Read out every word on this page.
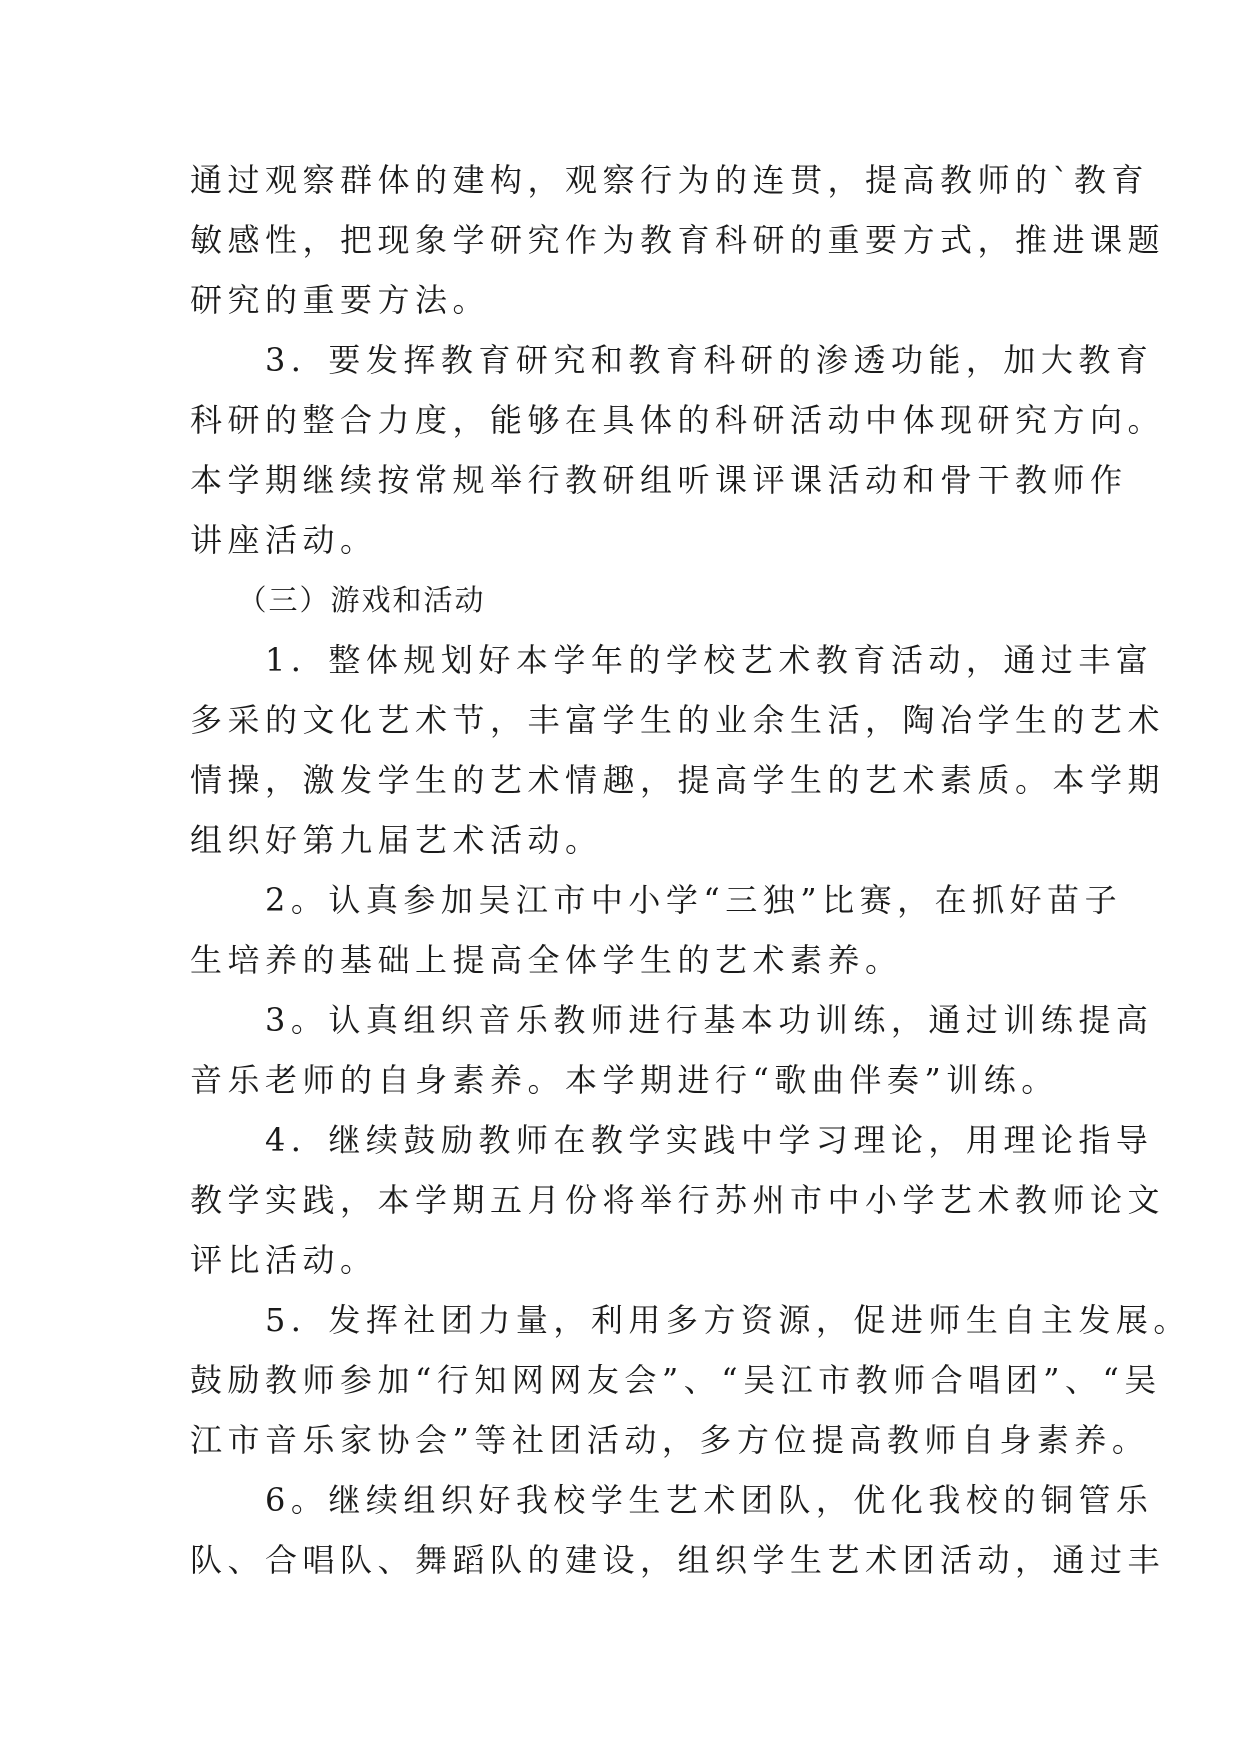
通过观察群体的建构，观察行为的连贯，提高教师的`教育

敏感性，把现象学研究作为教育科研的重要方式，推进课题

研究的重要方法。

　　3．要发挥教育研究和教育科研的渗透功能，加大教育

科研的整合力度，能够在具体的科研活动中体现研究方向。

本学期继续按常规举行教研组听课评课活动和骨干教师作

讲座活动。

　　（三）游戏和活动

　　1．整体规划好本学年的学校艺术教育活动，通过丰富

多采的文化艺术节，丰富学生的业余生活，陶冶学生的艺术

情操，激发学生的艺术情趣，提高学生的艺术素质。本学期

组织好第九届艺术活动。

　　2。认真参加吴江市中小学“三独”比赛，在抓好苗子

生培养的基础上提高全体学生的艺术素养。

　　3。认真组织音乐教师进行基本功训练，通过训练提高

音乐老师的自身素养。本学期进行“歌曲伴奏”训练。

　　4．继续鼓励教师在教学实践中学习理论，用理论指导

教学实践，本学期五月份将举行苏州市中小学艺术教师论文

评比活动。

　　5．发挥社团力量，利用多方资源，促进师生自主发展。

鼓励教师参加“行知网网友会”、“吴江市教师合唱团”、“吴

江市音乐家协会”等社团活动，多方位提高教师自身素养。

　　6。继续组织好我校学生艺术团队，优化我校的铜管乐

队、合唱队、舞蹈队的建设，组织学生艺术团活动，通过丰
